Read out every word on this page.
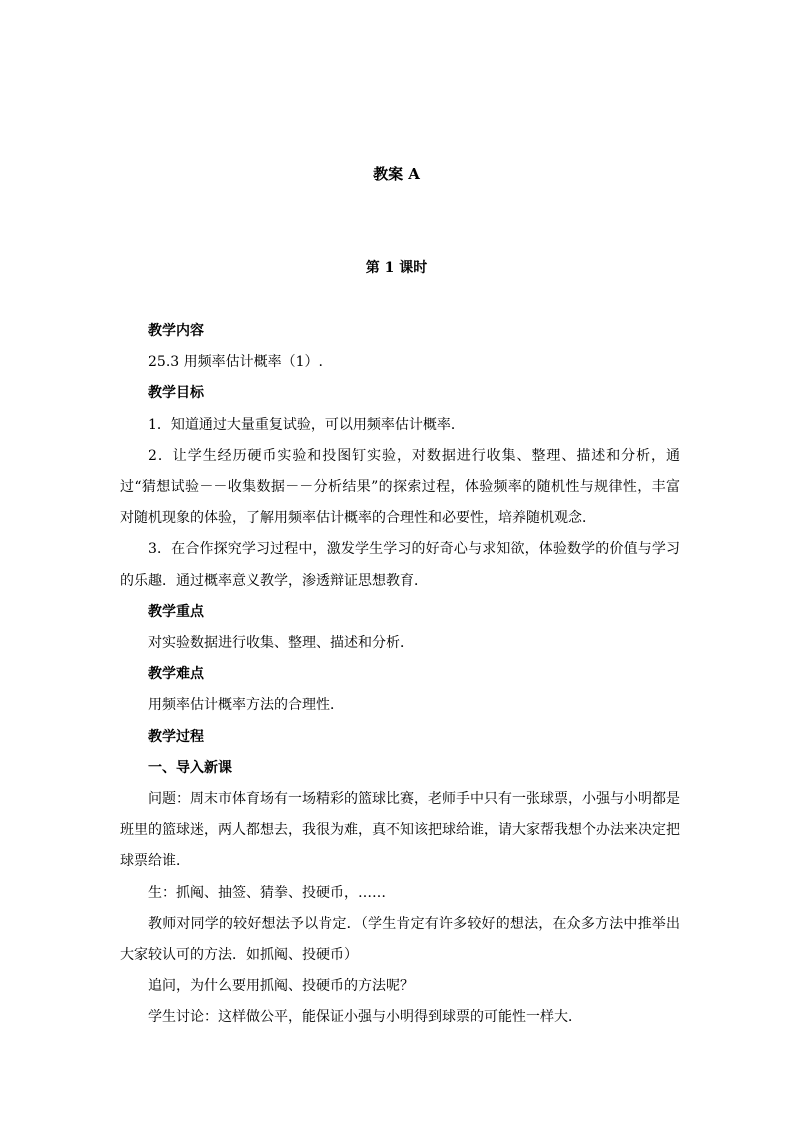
教案 A
第 1 课时

教学内容

25.3 用频率估计概率（1）.

教学目标

1．知道通过大量重复试验，可以用频率估计概率．

2．让学生经历硬币实验和投图钉实验，对数据进行收集、整理、描述和分析，通过“猜想试验－－收集数据－－分析结果”的探索过程，体验频率的随机性与规律性，丰富对随机现象的体验，了解用频率估计概率的合理性和必要性，培养随机观念．

3．在合作探究学习过程中，激发学生学习的好奇心与求知欲，体验数学的价值与学习的乐趣．通过概率意义教学，渗透辩证思想教育．

教学重点

对实验数据进行收集、整理、描述和分析．

教学难点

用频率估计概率方法的合理性．

教学过程

一、导入新课

问题：周末市体育场有一场精彩的篮球比赛，老师手中只有一张球票，小强与小明都是班里的篮球迷，两人都想去，我很为难，真不知该把球给谁，请大家帮我想个办法来决定把球票给谁．

生：抓阄、抽签、猜拳、投硬币，……

教师对同学的较好想法予以肯定．（学生肯定有许多较好的想法，在众多方法中推举出大家较认可的方法．如抓阄、投硬币）

追问，为什么要用抓阄、投硬币的方法呢？

学生讨论：这样做公平，能保证小强与小明得到球票的可能性一样大．
